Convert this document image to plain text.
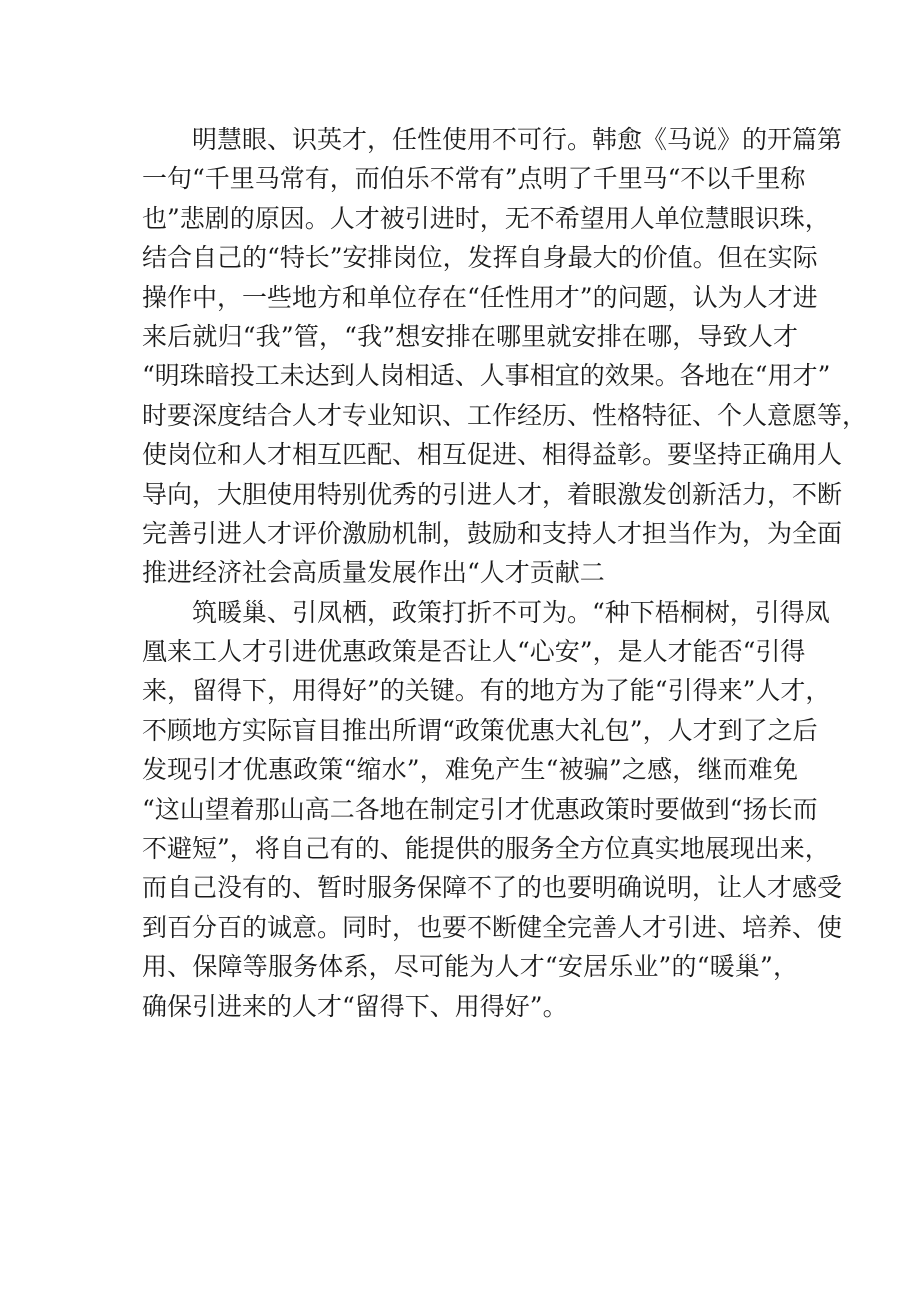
明慧眼、识英才，任性使用不可行。韩愈《马说》的开篇第
一句“千里马常有，而伯乐不常有”点明了千里马“不以千里称
也”悲剧的原因。人才被引进时，无不希望用人单位慧眼识珠，
结合自己的“特长”安排岗位，发挥自身最大的价值。但在实际
操作中，一些地方和单位存在“任性用才”的问题，认为人才进
来后就归“我”管，“我”想安排在哪里就安排在哪，导致人才
“明珠暗投工未达到人岗相适、人事相宜的效果。各地在“用才”
时要深度结合人才专业知识、工作经历、性格特征、个人意愿等，
使岗位和人才相互匹配、相互促进、相得益彰。要坚持正确用人
导向，大胆使用特别优秀的引进人才，着眼激发创新活力，不断
完善引进人才评价激励机制，鼓励和支持人才担当作为，为全面
推进经济社会高质量发展作出“人才贡献二
筑暖巢、引凤栖，政策打折不可为。“种下梧桐树，引得凤
凰来工人才引进优惠政策是否让人“心安”，是人才能否“引得
来，留得下，用得好”的关键。有的地方为了能“引得来”人才，
不顾地方实际盲目推出所谓“政策优惠大礼包”，人才到了之后
发现引才优惠政策“缩水”，难免产生“被骗”之感，继而难免
“这山望着那山高二各地在制定引才优惠政策时要做到“扬长而
不避短”，将自己有的、能提供的服务全方位真实地展现出来，
而自己没有的、暂时服务保障不了的也要明确说明，让人才感受
到百分百的诚意。同时，也要不断健全完善人才引进、培养、使
用、保障等服务体系，尽可能为人才“安居乐业”的“暖巢”，
确保引进来的人才“留得下、用得好”。
